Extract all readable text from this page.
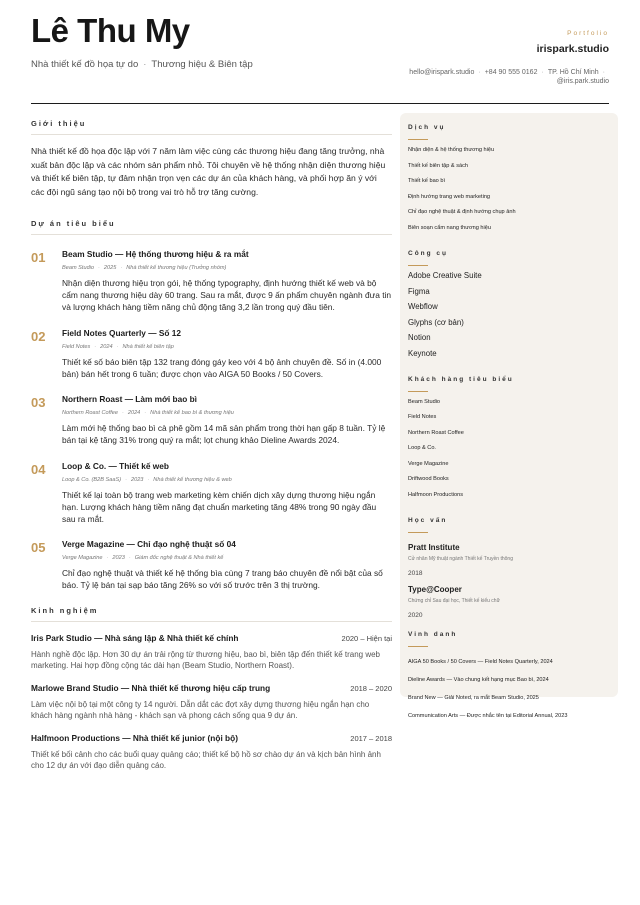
Lê Thu My
Nhà thiết kế đồ họa tự do · Thương hiệu & Biên tập
Portfolio
irispark.studio
hello@irispark.studio · +84 90 555 0162 · TP. Hồ Chí Minh ·
@iris.park.studio
Giới thiệu

Nhà thiết kế đồ họa độc lập với 7 năm làm việc cùng các thương hiệu đang tăng trưởng, nhà xuất bản độc lập và các nhóm sản phẩm nhỏ. Tôi chuyên về hệ thống nhận diện thương hiệu và thiết kế biên tập, tự đảm nhận trọn vẹn các dự án của khách hàng, và phối hợp ăn ý với các đội ngũ sáng tạo nội bộ trong vai trò hỗ trợ tăng cường.

Dự án tiêu biểu
01	Beam Studio — Hệ thống thương hiệu & ra mắt
Beam Studio · 2025 · Nhà thiết kế thương hiệu (Trưởng nhóm)

Nhận diện thương hiệu trọn gói, hệ thống typography, định hướng thiết kế web và bộ cẩm nang thương hiệu dày 60 trang. Sau ra mắt, được 9 ấn phẩm chuyên ngành đưa tin và lượng khách hàng tiềm năng chủ động tăng 3,2 lần trong quý đầu tiên.

02	Field Notes Quarterly — Số 12
Field Notes · 2024 · Nhà thiết kế biên tập

Thiết kế số báo biên tập 132 trang đóng gáy keo với 4 bộ ảnh chuyên đề. Số in (4.000 bản) bán hết trong 6 tuần; được chọn vào AIGA 50 Books / 50 Covers.

03	Northern Roast — Làm mới bao bì
Northern Roast Coffee · 2024 · Nhà thiết kế bao bì & thương hiệu

Làm mới hệ thống bao bì cà phê gồm 14 mã sản phẩm trong thời hạn gấp 8 tuần. Tỷ lệ bán tại kệ tăng 31% trong quý ra mắt; lọt chung khảo Dieline Awards 2024.

04	Loop & Co. — Thiết kế web
Loop & Co. (B2B SaaS) · 2023 · Nhà thiết kế thương hiệu & web

Thiết kế lại toàn bộ trang web marketing kèm chiến dịch xây dựng thương hiệu ngắn hạn. Lượng khách hàng tiềm năng đạt chuẩn marketing tăng 48% trong 90 ngày đầu sau ra mắt.

05	Verge Magazine — Chỉ đạo nghệ thuật số 04
Verge Magazine · 2023 · Giám đốc nghệ thuật & Nhà thiết kế

Chỉ đạo nghệ thuật và thiết kế hệ thống bìa cùng 7 trang báo chuyên đề nổi bật của số báo. Tỷ lệ bán tại sạp báo tăng 26% so với số trước trên 3 thị trường.

Kinh nghiệm
Iris Park Studio — Nhà sáng lập & Nhà thiết kế chính	2020 – Hiện tại

Hành nghề độc lập. Hơn 30 dự án trải rộng từ thương hiệu, bao bì, biên tập đến thiết kế trang web marketing. Hai hợp đồng cộng tác dài hạn (Beam Studio, Northern Roast).

Marlowe Brand Studio — Nhà thiết kế thương hiệu cấp trung	2018 – 2020

Làm việc nội bộ tại một công ty 14 người. Dẫn dắt các đợt xây dựng thương hiệu ngắn hạn cho khách hàng ngành nhà hàng - khách sạn và phong cách sống qua 9 dự án.

Halfmoon Productions — Nhà thiết kế junior (nội bộ)	2017 – 2018

Thiết kế bối cảnh cho các buổi quay quảng cáo; thiết kế bộ hồ sơ chào dự án và kịch bản hình ảnh cho 12 dự án với đạo diễn quảng cáo.

Dịch vụ
Nhận diện & hệ thống thương hiệu
Thiết kế biên tập & sách
Thiết kế bao bì
Định hướng trang web marketing
Chỉ đạo nghệ thuật & định hướng chụp ảnh
Biên soạn cẩm nang thương hiệu
Công cụ
Adobe Creative Suite
Figma
Webflow
Glyphs (cơ bản)
Notion
Keynote
Khách hàng tiêu biểu
Beam Studio
Field Notes
Northern Roast Coffee
Loop & Co.
Verge Magazine
Driftwood Books
Halfmoon Productions
Học vấn
Pratt Institute
Cử nhân Mỹ thuật ngành Thiết kế Truyền thông
2018
Type@Cooper
Chứng chỉ Sau đại học, Thiết kế kiểu chữ
2020
Vinh danh
AIGA 50 Books / 50 Covers — Field Notes Quarterly, 2024
Dieline Awards — Vào chung kết hạng mục Bao bì, 2024
Brand New — Giải Noted, ra mắt Beam Studio, 2025
Communication Arts — Được nhắc tên tại Editorial Annual, 2023
